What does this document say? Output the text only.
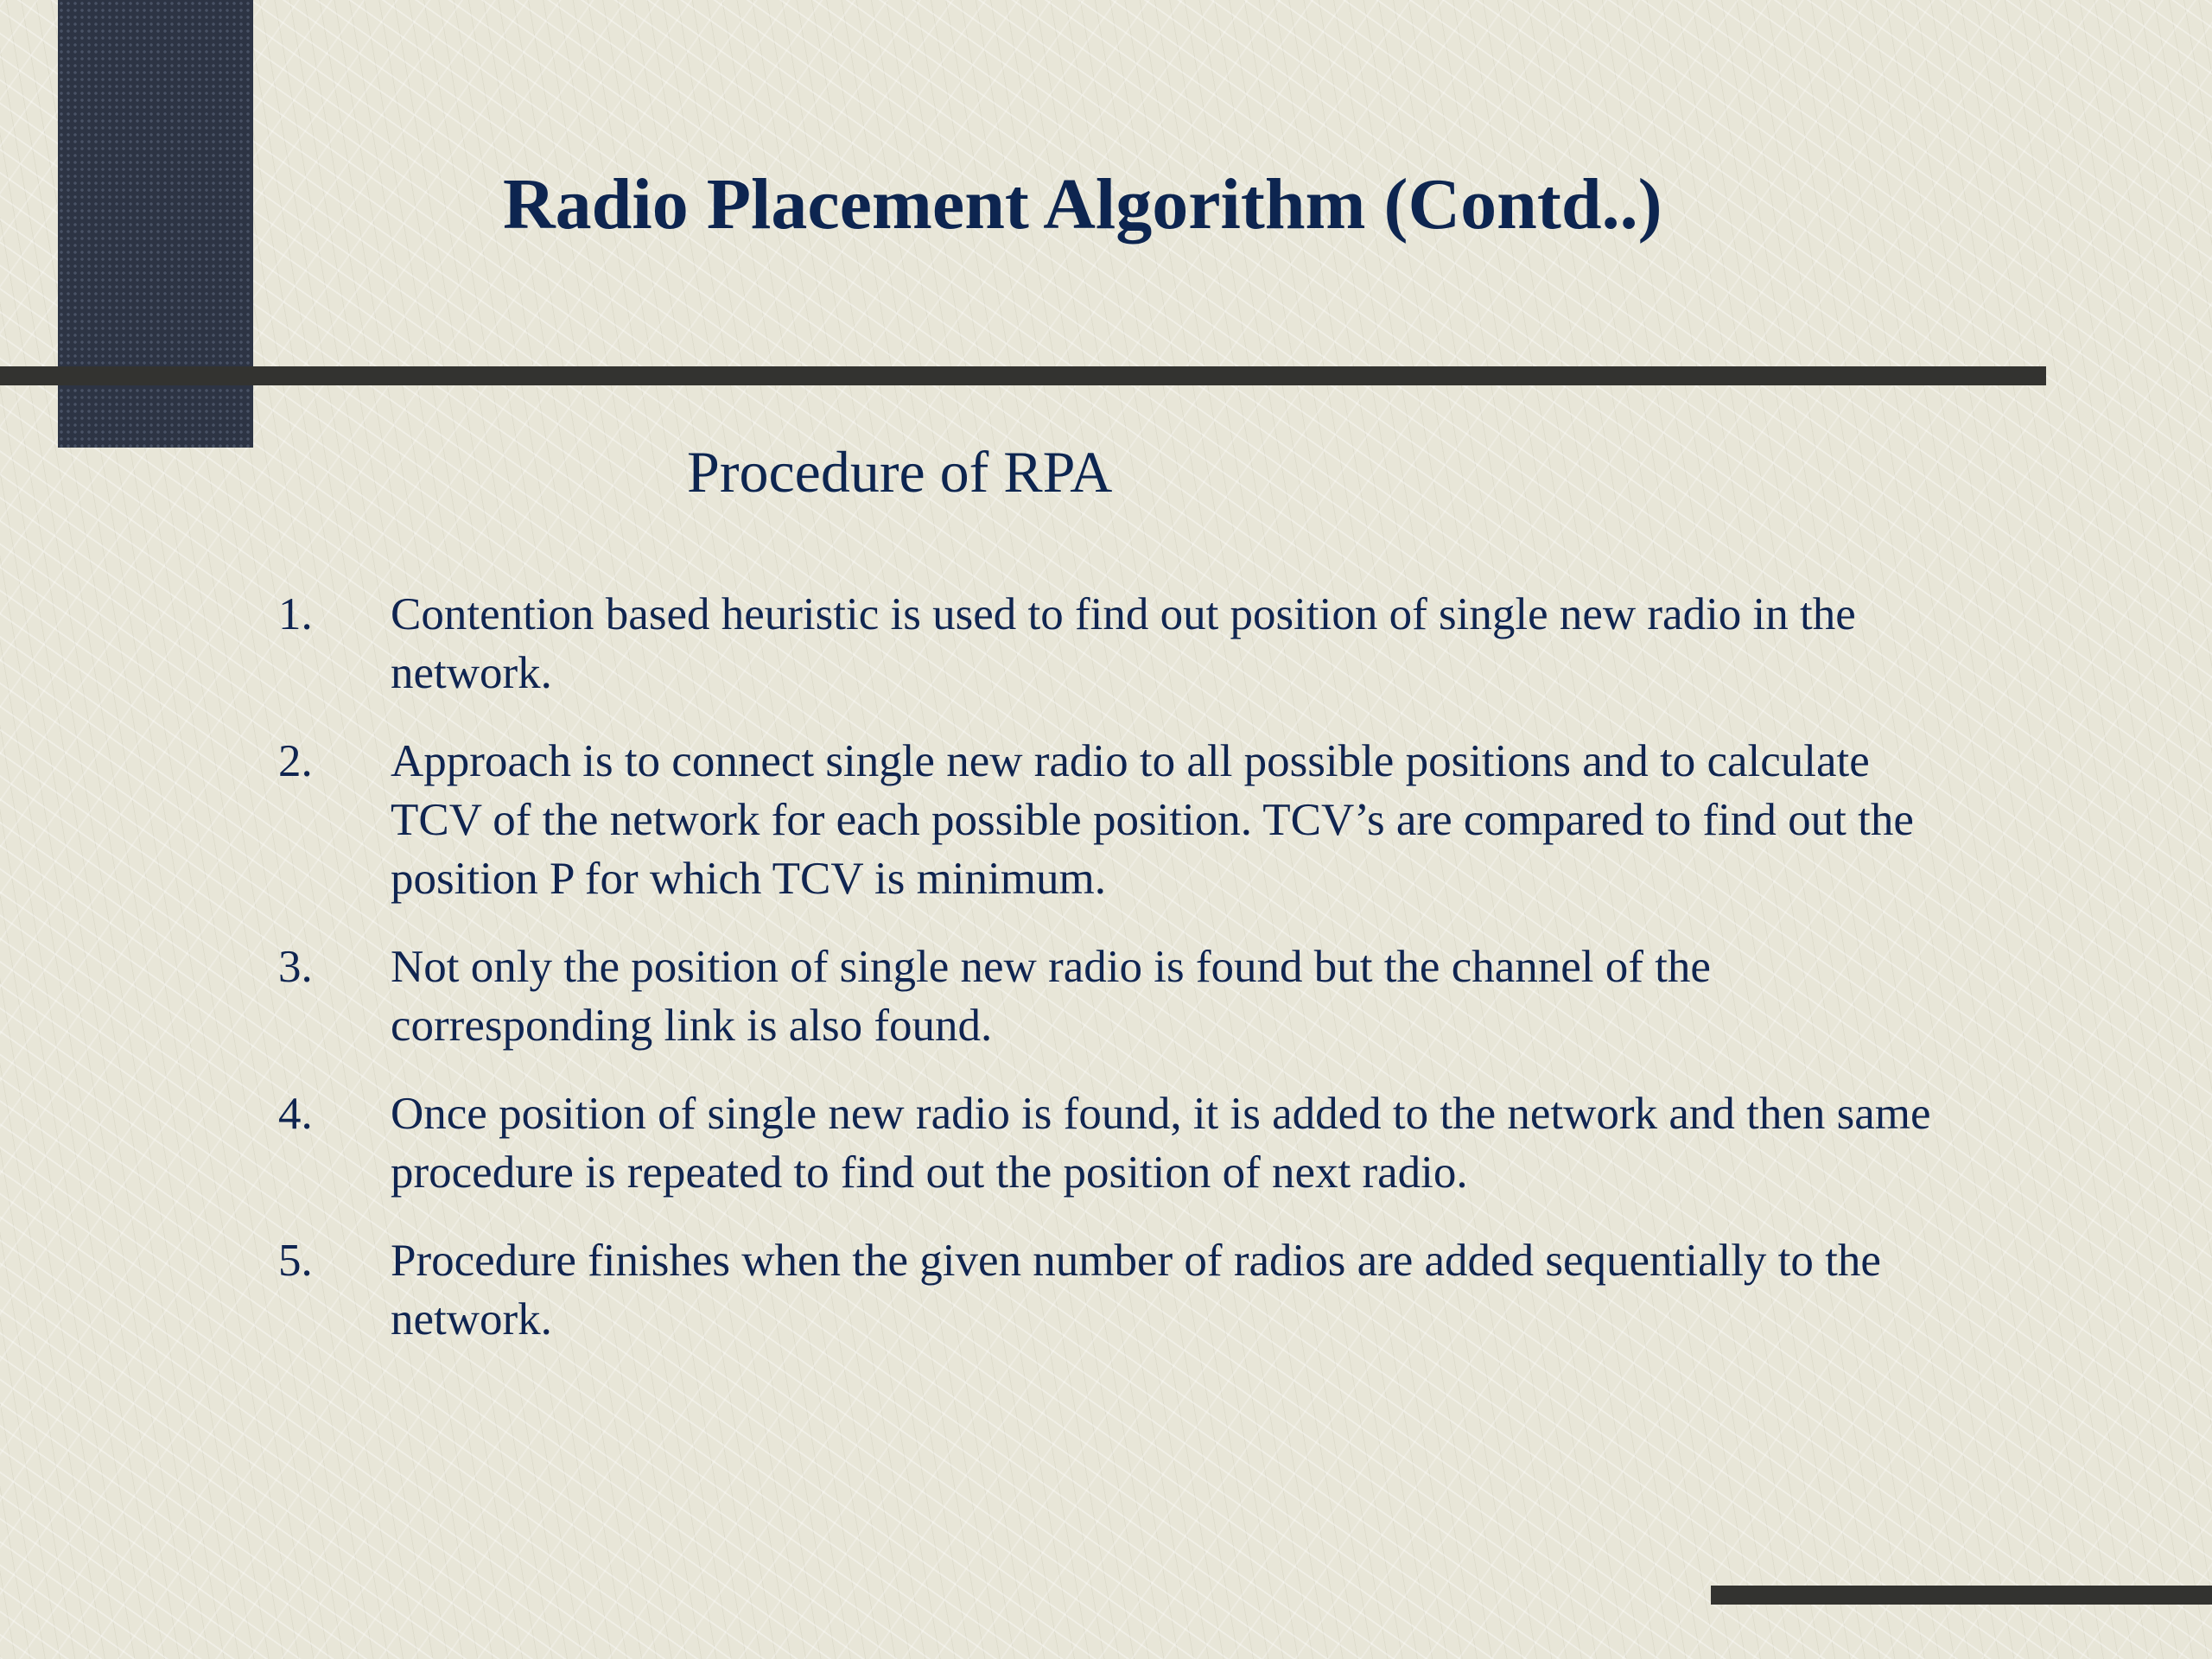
Radio Placement Algorithm (Contd..)
Procedure of RPA
1.	Contention based heuristic is used to find out position of single new radio in the network.
2.	Approach is to connect single new radio to all possible positions and to calculate TCV of the network for each possible position. TCV’s are compared to find out the position P for which TCV is minimum.
3.	Not only the position of single new radio is found but the channel of the corresponding link is also found.
4.	Once position of single new radio is found, it is added to the network and then same procedure is repeated to find out the position of next radio.
5.	Procedure finishes when the given number of radios are added sequentially to the network.
